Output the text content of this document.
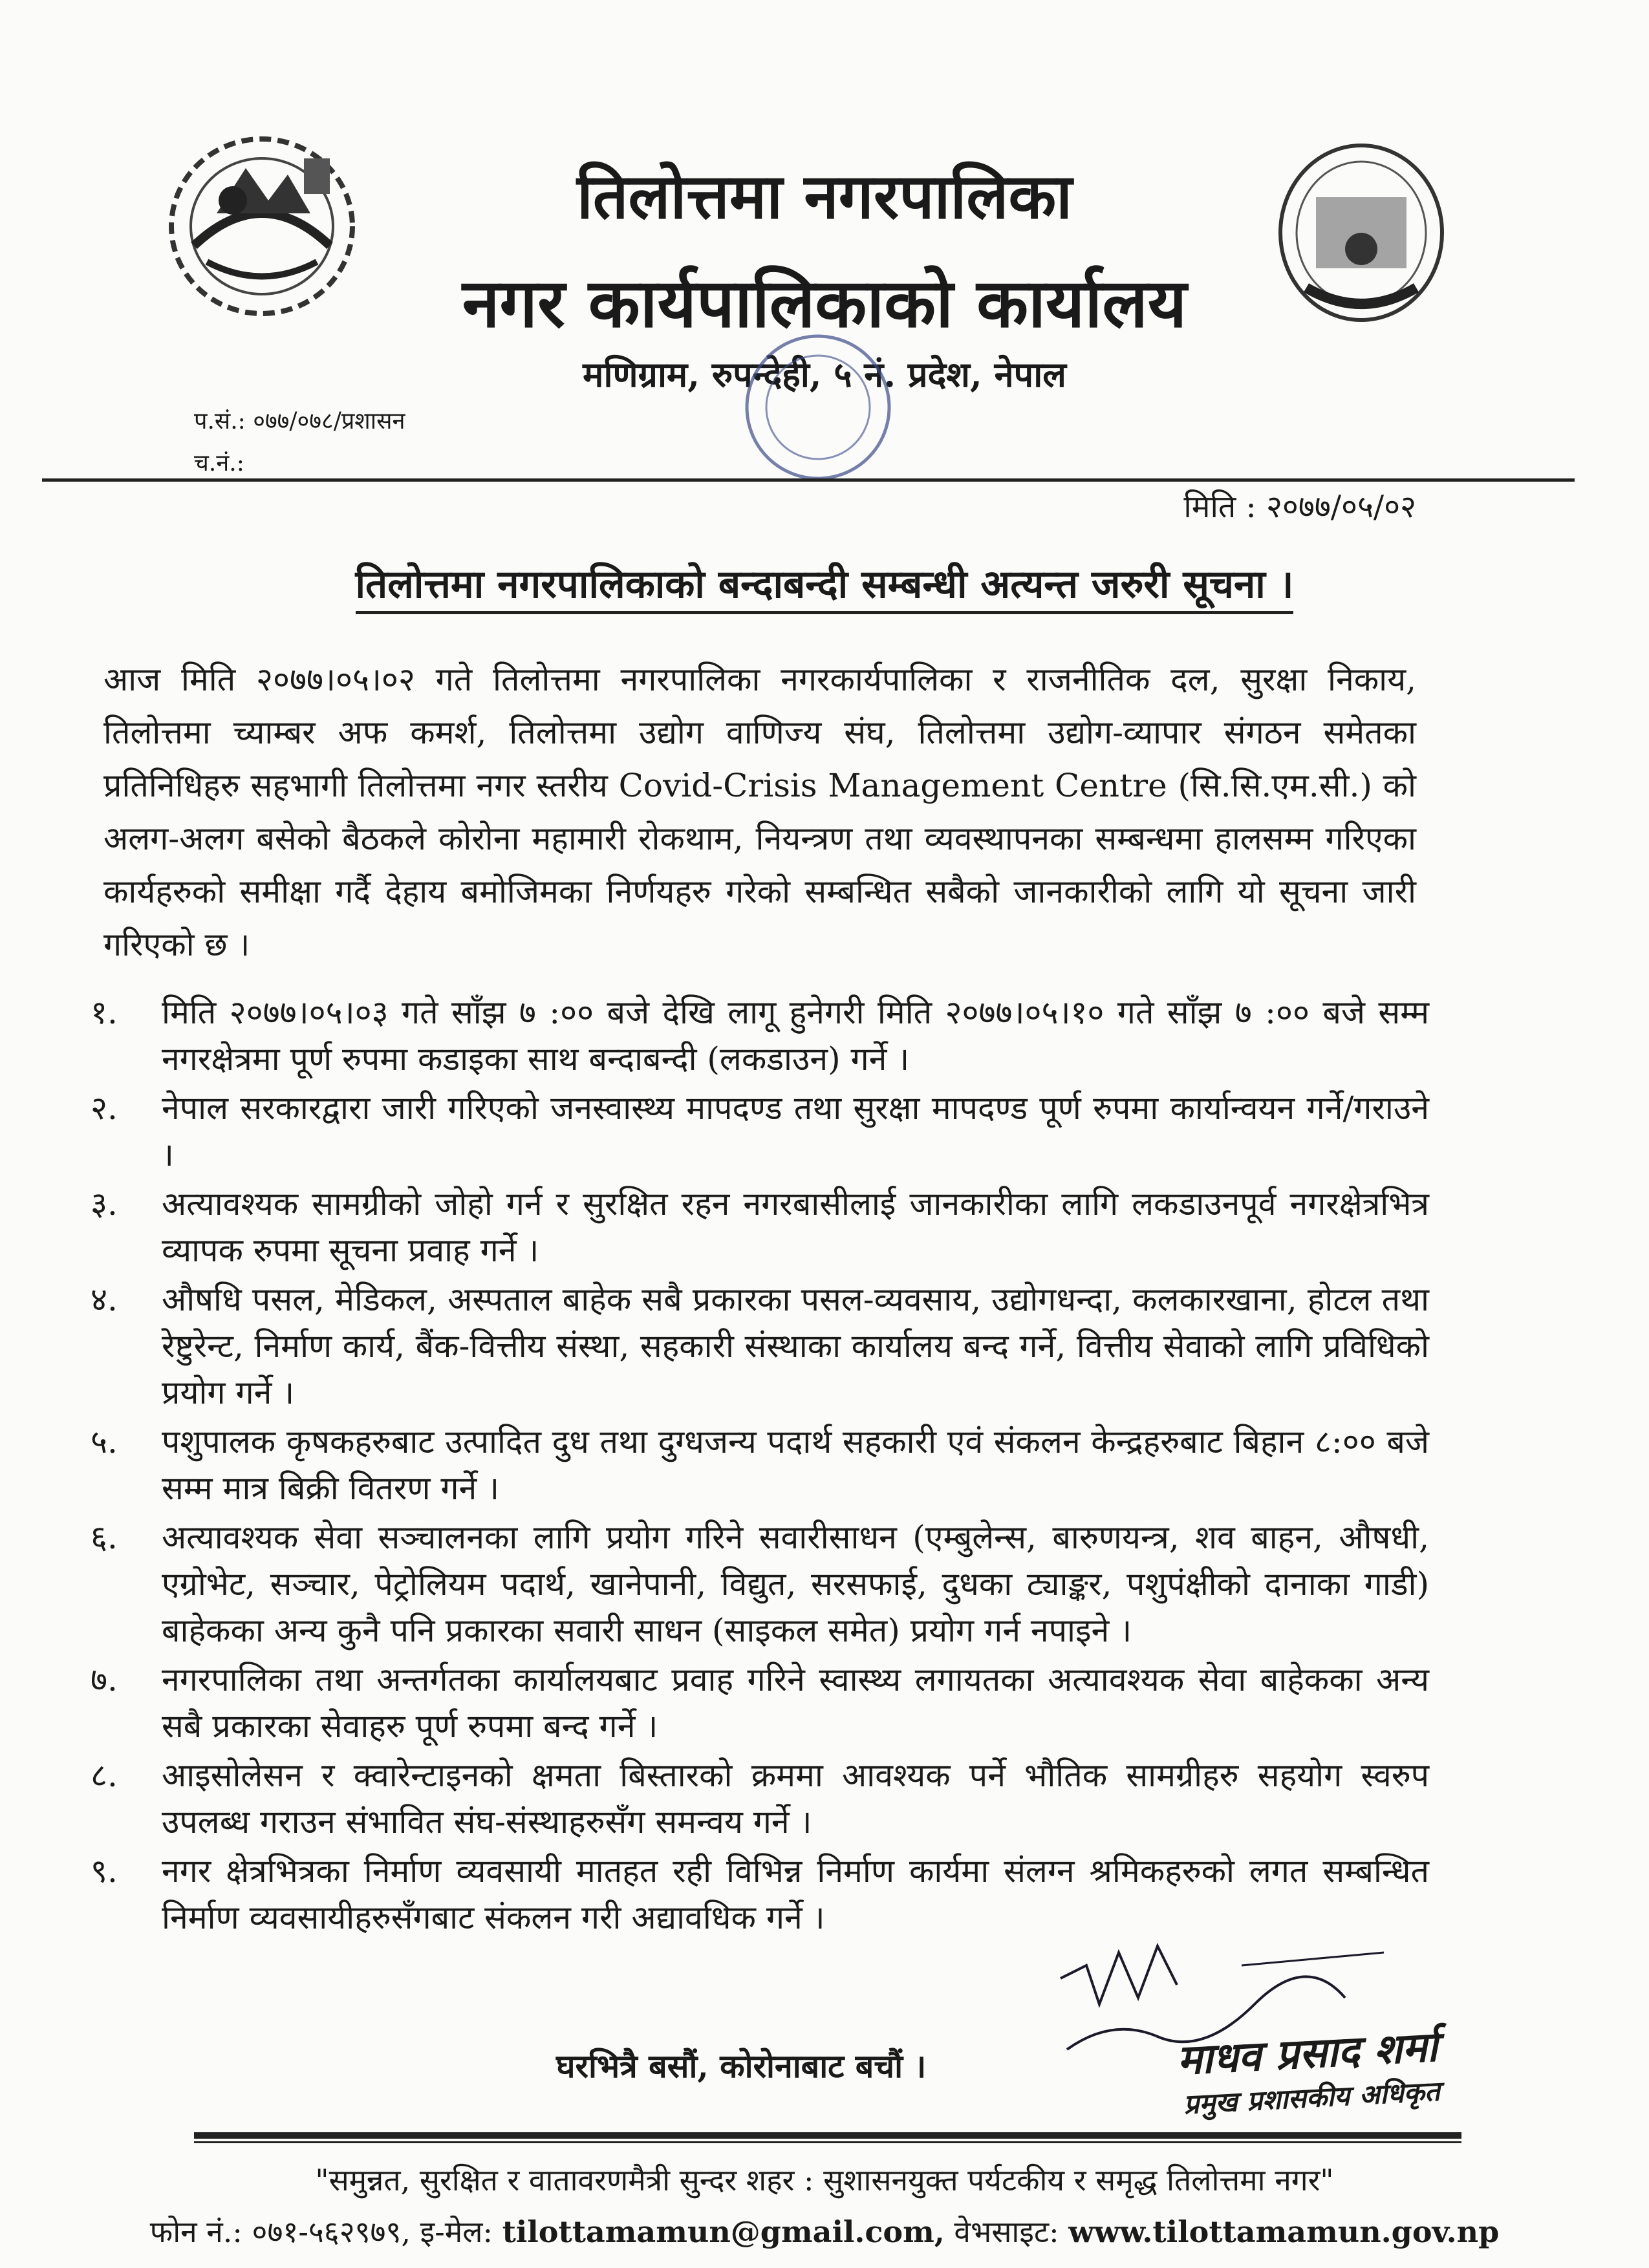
तिलोत्तमा नगरपालिका
नगर कार्यपालिकाको कार्यालय
मणिग्राम, रुपन्देही, ५ नं. प्रदेश, नेपाल
प.सं.: ०७७/०७८/प्रशासन
च.नं.:
मिति : २०७७/०५/०२
तिलोत्तमा नगरपालिकाको बन्दाबन्दी सम्बन्धी अत्यन्त जरुरी सूचना ।

आज मिति २०७७।०५।०२ गते तिलोत्तमा नगरपालिका नगरकार्यपालिका र राजनीतिक दल, सुरक्षा निकाय, तिलोत्तमा च्याम्बर अफ कमर्श, तिलोत्तमा उद्योग वाणिज्य संघ, तिलोत्तमा उद्योग-व्यापार संगठन समेतका प्रतिनिधिहरु सहभागी तिलोत्तमा नगर स्तरीय Covid-Crisis Management Centre (सि.सि.एम.सी.) को अलग-अलग बसेको बैठकले कोरोना महामारी रोकथाम, नियन्त्रण तथा व्यवस्थापनका सम्बन्धमा हालसम्म गरिएका कार्यहरुको समीक्षा गर्दै देहाय बमोजिमका निर्णयहरु गरेको सम्बन्धित सबैको जानकारीको लागि यो सूचना जारी गरिएको छ ।

१.	मिति २०७७।०५।०३ गते साँझ ७ :०० बजे देखि लागू हुनेगरी मिति २०७७।०५।१० गते साँझ ७ :०० बजे सम्म नगरक्षेत्रमा पूर्ण रुपमा कडाइका साथ बन्दाबन्दी (लकडाउन) गर्ने ।
२.	नेपाल सरकारद्वारा जारी गरिएको जनस्वास्थ्य मापदण्ड तथा सुरक्षा मापदण्ड पूर्ण रुपमा कार्यान्वयन गर्ने/गराउने ।
३.	अत्यावश्यक सामग्रीको जोहो गर्न र सुरक्षित रहन नगरबासीलाई जानकारीका लागि लकडाउनपूर्व नगरक्षेत्रभित्र व्यापक रुपमा सूचना प्रवाह गर्ने ।
४.	औषधि पसल, मेडिकल, अस्पताल बाहेक सबै प्रकारका पसल-व्यवसाय, उद्योगधन्दा, कलकारखाना, होटल तथा रेष्टुरेन्ट, निर्माण कार्य, बैंक-वित्तीय संस्था, सहकारी संस्थाका कार्यालय बन्द गर्ने, वित्तीय सेवाको लागि प्रविधिको प्रयोग गर्ने ।
५.	पशुपालक कृषकहरुबाट उत्पादित दुध तथा दुग्धजन्य पदार्थ सहकारी एवं संकलन केन्द्रहरुबाट बिहान ८:०० बजे सम्म मात्र बिक्री वितरण गर्ने ।
६.	अत्यावश्यक सेवा सञ्चालनका लागि प्रयोग गरिने सवारीसाधन (एम्बुलेन्स, बारुणयन्त्र, शव बाहन, औषधी, एग्रोभेट, सञ्चार, पेट्रोलियम पदार्थ, खानेपानी, विद्युत, सरसफाई, दुधका ट्याङ्कर, पशुपंक्षीको दानाका गाडी) बाहेकका अन्य कुनै पनि प्रकारका सवारी साधन (साइकल समेत) प्रयोग गर्न नपाइने ।
७.	नगरपालिका तथा अन्तर्गतका कार्यालयबाट प्रवाह गरिने स्वास्थ्य लगायतका अत्यावश्यक सेवा बाहेकका अन्य सबै प्रकारका सेवाहरु पूर्ण रुपमा बन्द गर्ने ।
८.	आइसोलेसन र क्वारेन्टाइनको क्षमता बिस्तारको क्रममा आवश्यक पर्ने भौतिक सामग्रीहरु सहयोग स्वरुप उपलब्ध गराउन संभावित संघ-संस्थाहरुसँग समन्वय गर्ने ।
९.	नगर क्षेत्रभित्रका निर्माण व्यवसायी मातहत रही विभिन्न निर्माण कार्यमा संलग्न श्रमिकहरुको लगत सम्बन्धित निर्माण व्यवसायीहरुसँगबाट संकलन गरी अद्यावधिक गर्ने ।
घरभित्रै बसौं, कोरोनाबाट बचौं ।	माधव प्रसाद शर्मा
प्रमुख प्रशासकीय अधिकृत
"समुन्नत, सुरक्षित र वातावरणमैत्री सुन्दर शहर : सुशासनयुक्त पर्यटकीय र समृद्ध तिलोत्तमा नगर"
फोन नं.: ०७१-५६२९७९, इ-मेल: tilottamamun@gmail.com, वेभसाइट: www.tilottamamun.gov.np
